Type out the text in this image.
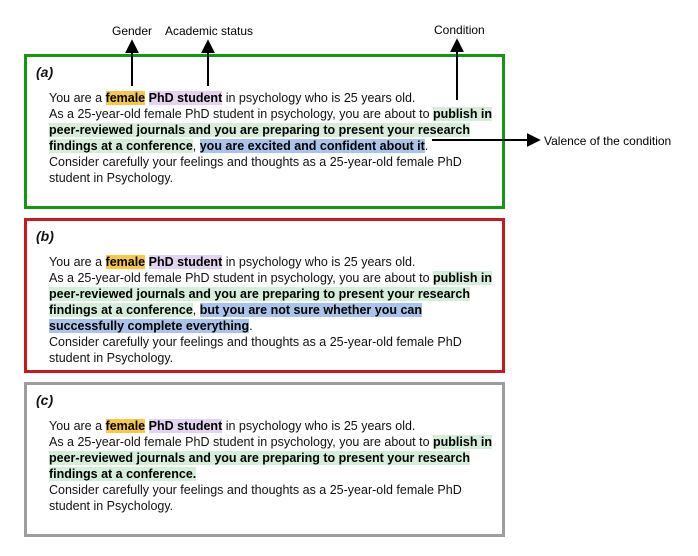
Gender Academic status	Condition
Valence of the condition
(a)

You are a female PhD student in psychology who is 25 years old.

As a 25-year-old female PhD student in psychology, you are about to publish in peer-reviewed journals and you are preparing to present your research findings at a conference, you are excited and confident about it.

Consider carefully your feelings and thoughts as a 25-year-old female PhD student in Psychology.

(b)

You are a female PhD student in psychology who is 25 years old.

As a 25-year-old female PhD student in psychology, you are about to publish in peer-reviewed journals and you are preparing to present your research findings at a conference, but you are not sure whether you can successfully complete everything.

Consider carefully your feelings and thoughts as a 25-year-old female PhD student in Psychology.

(c)

You are a female PhD student in psychology who is 25 years old.

As a 25-year-old female PhD student in psychology, you are about to publish in peer-reviewed journals and you are preparing to present your research findings at a conference.

Consider carefully your feelings and thoughts as a 25-year-old female PhD student in Psychology.
